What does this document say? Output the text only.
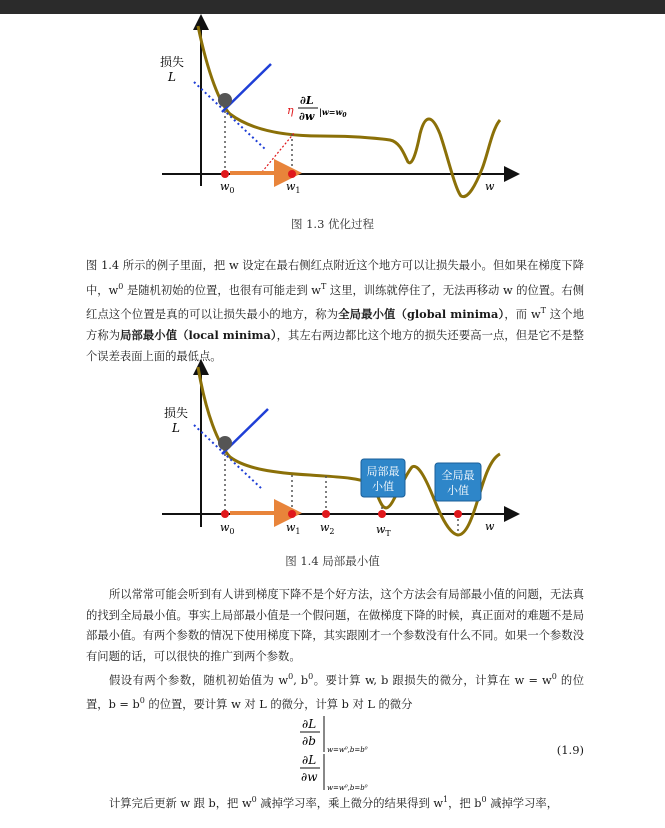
损失
L
w
$w_0$	$w_1$
η
∂L
∂w $|w=w_0$
图 1.3 优化过程

图 1.4 所示的例子里面，把 w 设定在最右侧红点附近这个地方可以让损失最小。但如果在梯度下降中，$w^0$ 是随机初始的位置，也很有可能走到 $w^T$ 这里，训练就停住了，无法再移动 w 的位置。右侧红点这个位置是真的可以让损失最小的地方，称为全局最小值（global minima），而 $w^T$ 这个地方称为局部最小值（local minima），其左右两边都比这个地方的损失还要高一点，但是它不是整个误差表面上面的最低点。

损失
L
w
$w_0$	$w_1$ $w_2$	$w_T$
局部最
小值
全局最
小值
图 1.4 局部最小值

所以常常可能会听到有人讲到梯度下降不是个好方法，这个方法会有局部最小值的问题，无法真的找到全局最小值。事实上局部最小值是一个假问题，在做梯度下降的时候，真正面对的难题不是局部最小值。有两个参数的情况下使用梯度下降，其实跟刚才一个参数没有什么不同。如果一个参数没有问题的话，可以很快的推广到两个参数。

假设有两个参数，随机初始值为 $w^0$, $b^0$。要计算 w, b 跟损失的微分，计算在 $w = w^0$ 的位置，$b = b^0$ 的位置，要计算 w 对 L 的微分，计算 b 对 L 的微分

∂L
∂b
w=w⁰,b=b⁰
∂L
∂w
w=w⁰,b=b⁰
(1.9)

计算完后更新 w 跟 b，把 $w^0$ 减掉学习率，乘上微分的结果得到 $w^1$，把 $b^0$ 减掉学习率，
